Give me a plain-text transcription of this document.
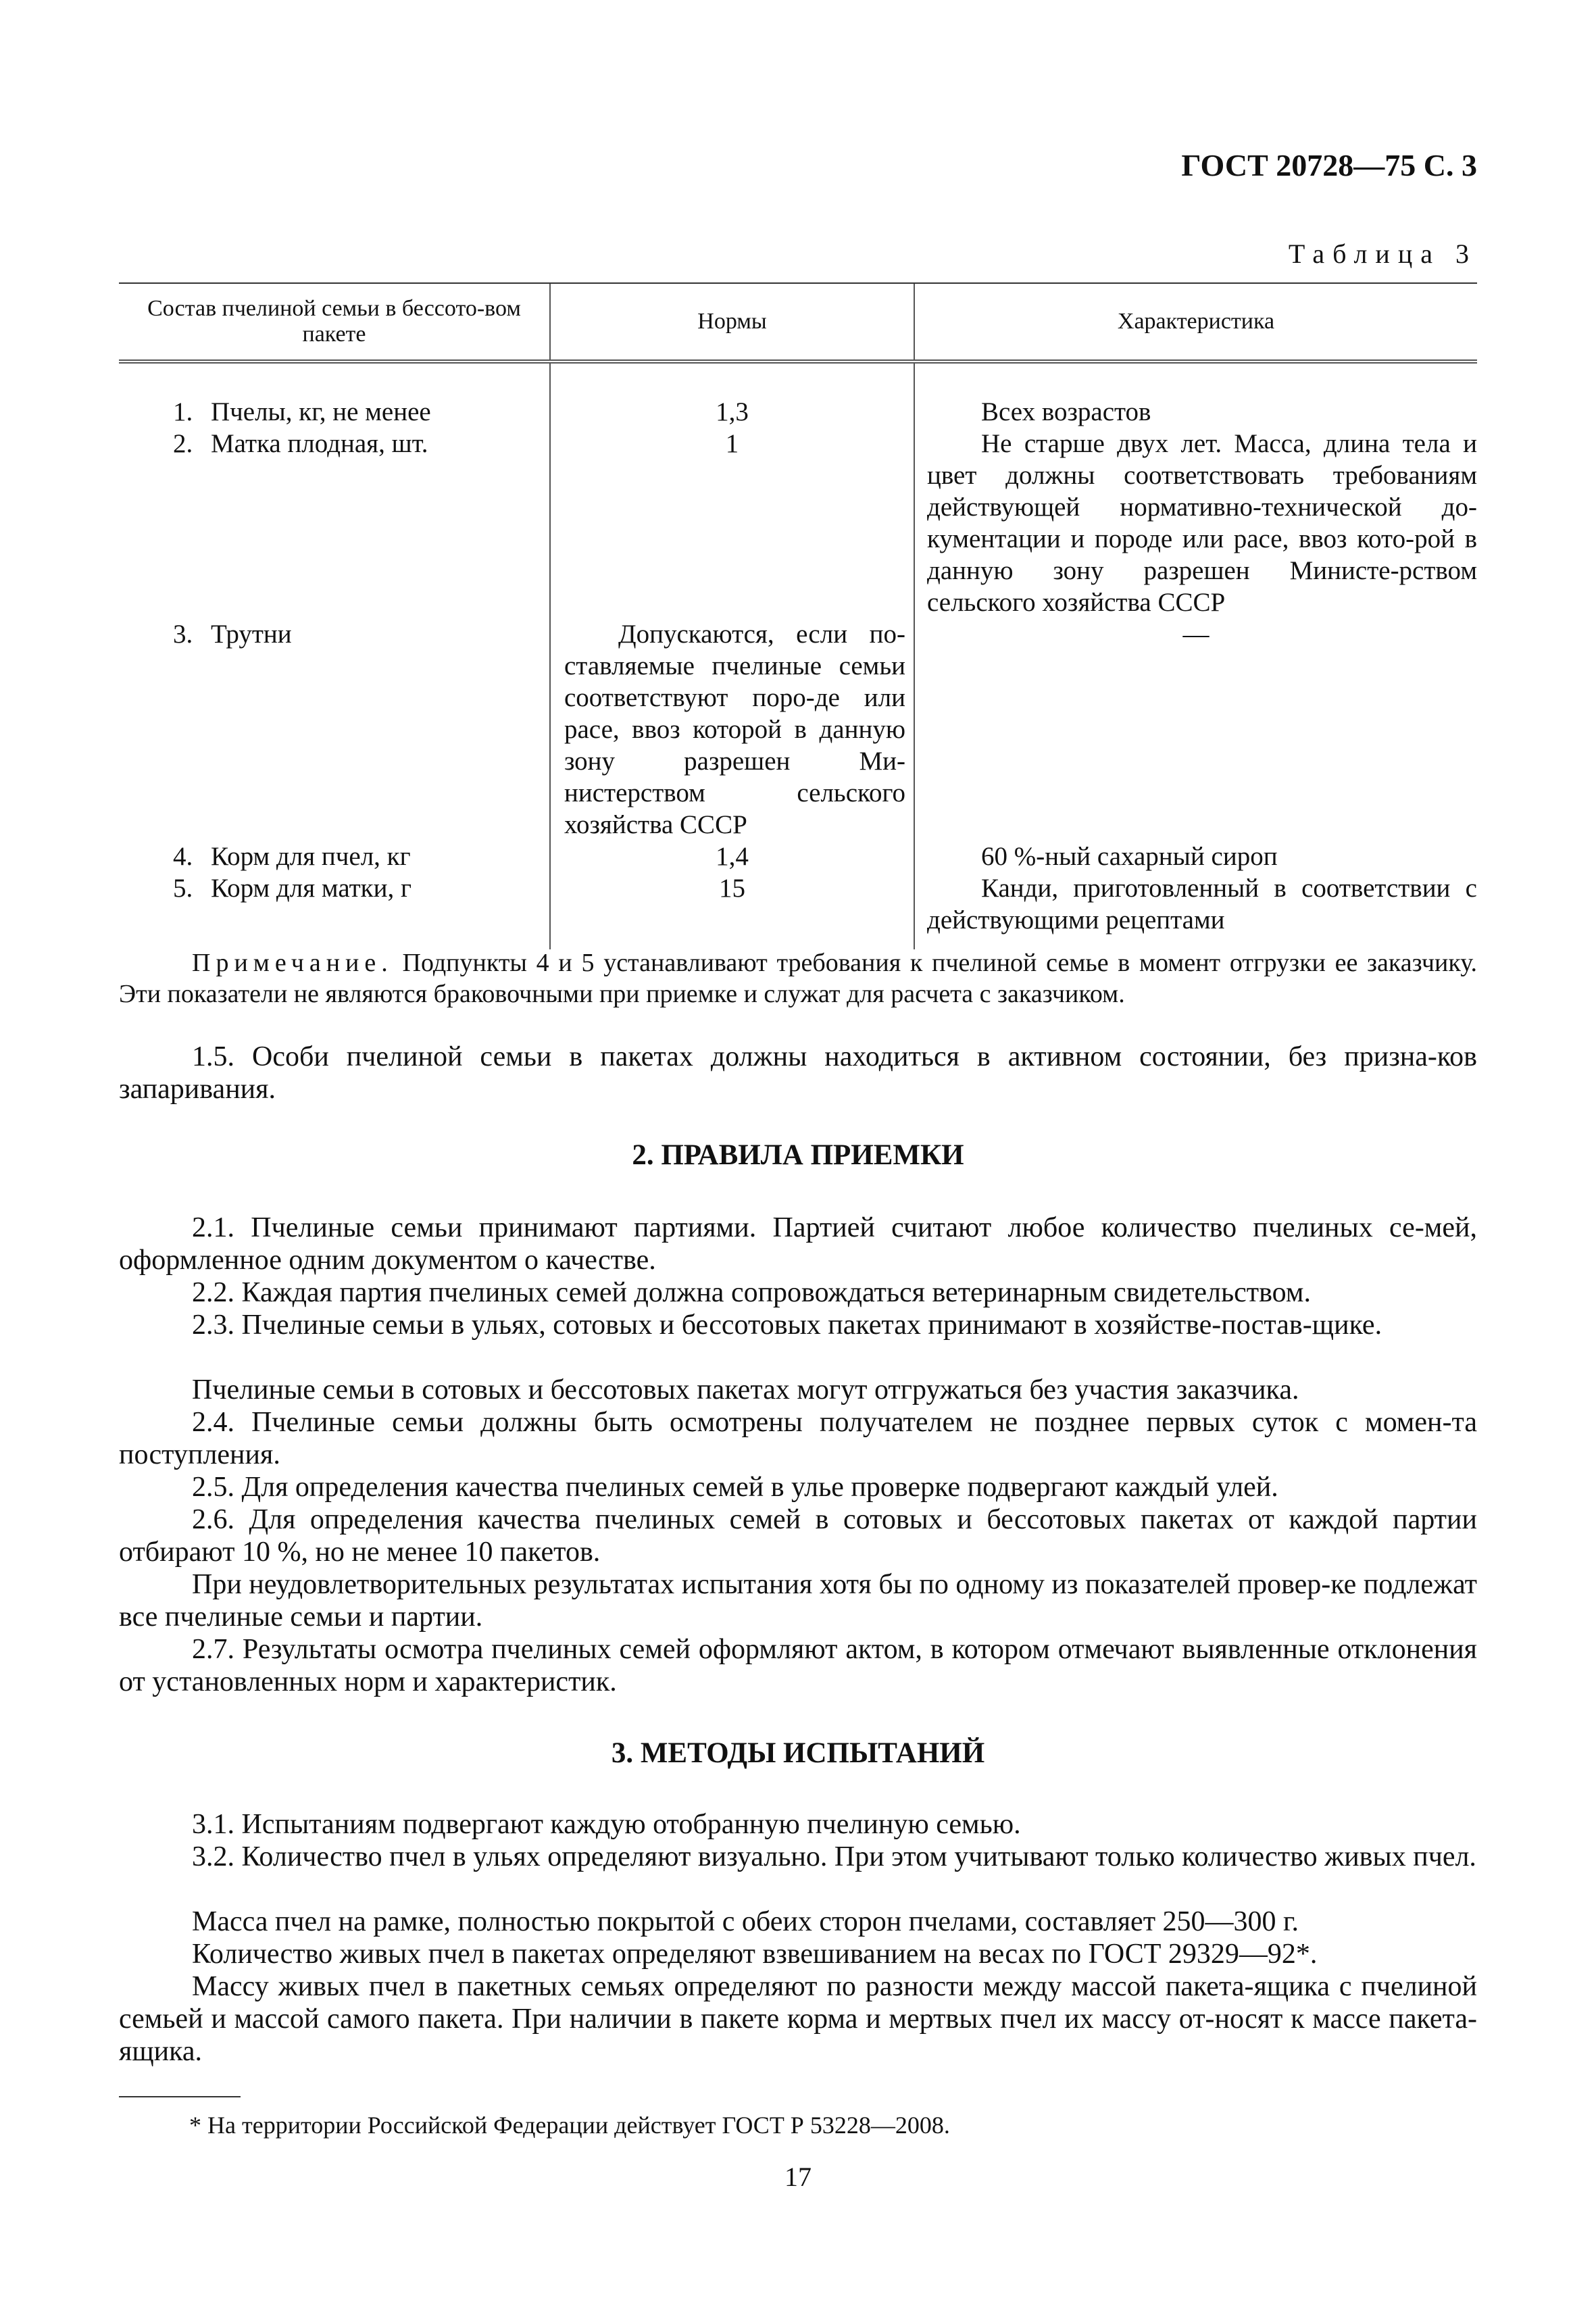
ГОСТ 20728—75 С. 3
Таблица 3
Состав пчелиной семьи в бессото-вом пакете	Нормы	Характеристика
1. Пчелы, кг, не менее	1,3	Всех возрастов
2. Матка плодная, шт.	1	Не старше двух лет. Масса, длина тела и цвет должны соответствовать требованиям действующей нормативно-технической до-кументации и породе или расе, ввоз кото-рой в данную зону разрешен Министе-рством сельского хозяйства СССР
3. Трутни	Допускаются, если по-ставляемые пчелиные семьи соответствуют поро-де или расе, ввоз которой в данную зону разрешен Ми-нистерством сельского хозяйства СССР	—
4. Корм для пчел, кг	1,4	60 %-ный сахарный сироп
5. Корм для матки, г	15	Канди, приготовленный в соответствии с действующими рецептами

Примечание. Подпункты 4 и 5 устанавливают требования к пчелиной семье в момент отгрузки ее заказчику. Эти показатели не являются браковочными при приемке и служат для расчета с заказчиком.

1.5. Особи пчелиной семьи в пакетах должны находиться в активном состоянии, без призна-ков запаривания.

2. ПРАВИЛА ПРИЕМКИ

2.1. Пчелиные семьи принимают партиями. Партией считают любое количество пчелиных се-мей, оформленное одним документом о качестве.

2.2. Каждая партия пчелиных семей должна сопровождаться ветеринарным свидетельством.

2.3. Пчелиные семьи в ульях, сотовых и бессотовых пакетах принимают в хозяйстве-постав-щике.

Пчелиные семьи в сотовых и бессотовых пакетах могут отгружаться без участия заказчика.

2.4. Пчелиные семьи должны быть осмотрены получателем не позднее первых суток с момен-та поступления.

2.5. Для определения качества пчелиных семей в улье проверке подвергают каждый улей.

2.6. Для определения качества пчелиных семей в сотовых и бессотовых пакетах от каждой партии отбирают 10 %, но не менее 10 пакетов.

При неудовлетворительных результатах испытания хотя бы по одному из показателей провер-ке подлежат все пчелиные семьи и партии.

2.7. Результаты осмотра пчелиных семей оформляют актом, в котором отмечают выявленные отклонения от установленных норм и характеристик.

3. МЕТОДЫ ИСПЫТАНИЙ

3.1. Испытаниям подвергают каждую отобранную пчелиную семью.

3.2. Количество пчел в ульях определяют визуально. При этом учитывают только количество живых пчел.

Масса пчел на рамке, полностью покрытой с обеих сторон пчелами, составляет 250—300 г.

Количество живых пчел в пакетах определяют взвешиванием на весах по ГОСТ 29329—92*.

Массу живых пчел в пакетных семьях определяют по разности между массой пакета-ящика с пчелиной семьей и массой самого пакета. При наличии в пакете корма и мертвых пчел их массу от-носят к массе пакета-ящика.

* На территории Российской Федерации действует ГОСТ Р 53228—2008.
17
